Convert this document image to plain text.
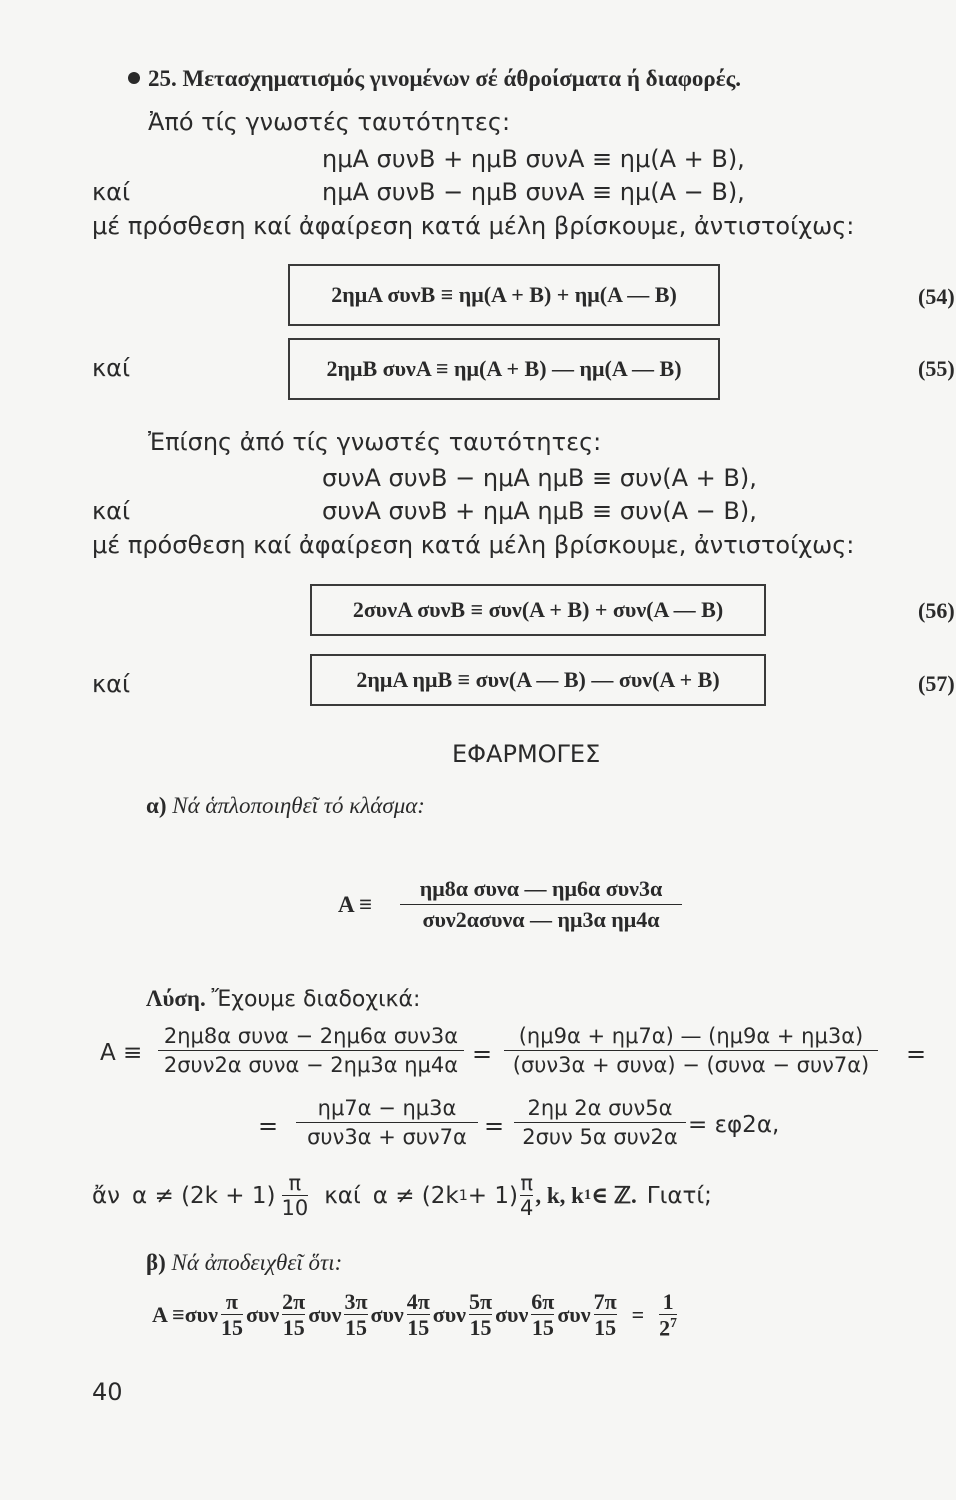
25. Μετασχηματισμός γινομένων σέ άθροίσματα ή διαφορές.
Ἀπό τίς γνωστές ταυτότητες:
ημA συνB + ημB συνA ≡ ημ(A + B),
καί	ημA συνB − ημB συνA ≡ ημ(A − B),
μέ πρόσθεση καί ἀφαίρεση κατά μέλη βρίσκουμε, ἀντιστοίχως:
2ημA συνB ≡ ημ(A + B) + ημ(A — B)	(54)
καί	2ημB συνA ≡ ημ(A + B) — ημ(A — B)	(55)
Ἐπίσης ἀπό τίς γνωστές ταυτότητες:
συνA συνB − ημA ημB ≡ συν(A + B),
καί	συνA συνB + ημA ημB ≡ συν(A − B),
μέ πρόσθεση καί ἀφαίρεση κατά μέλη βρίσκουμε, ἀντιστοίχως:
2συνA συνB ≡ συν(A + B) + συν(A — B)	(56)
καί	2ημA ημB ≡ συν(A — B) — συν(A + B)	(57)
ΕΦΑΡΜΟΓΕΣ
α) Νά ἁπλοποιηθεῖ τό κλάσμα:
A ≡
ημ8α συνα — ημ6α συν3α
συν2ασυνα — ημ3α ημ4α
Λύση. Ἔχουμε διαδοχικά:
A ≡
2ημ8α συνα − 2ημ6α συν3α
2συν2α συνα − 2ημ3α ημ4α =
(ημ9α + ημ7α) — (ημ9α + ημ3α)
(συν3α + συνα) − (συνα − συν7α) =
=
ημ7α − ημ3α
συν3α + συν7α =
2ημ 2α συν5α
2συν 5α συν2α = εφ2α,
ἄν α ≠ (2k + 1) π
10 καί α ≠ (2k 1 + 1) π
4
, k, k 1 ∈ ℤ. Γιατί;
β) Νά ἀποδειχθεῖ ὅτι:
A ≡συν
π
15
συν
2π
15
συν
3π
15
συν
4π
15
συν
5π
15
συν
6π
15
συν
7π
15
=
1
$2^7$
40
